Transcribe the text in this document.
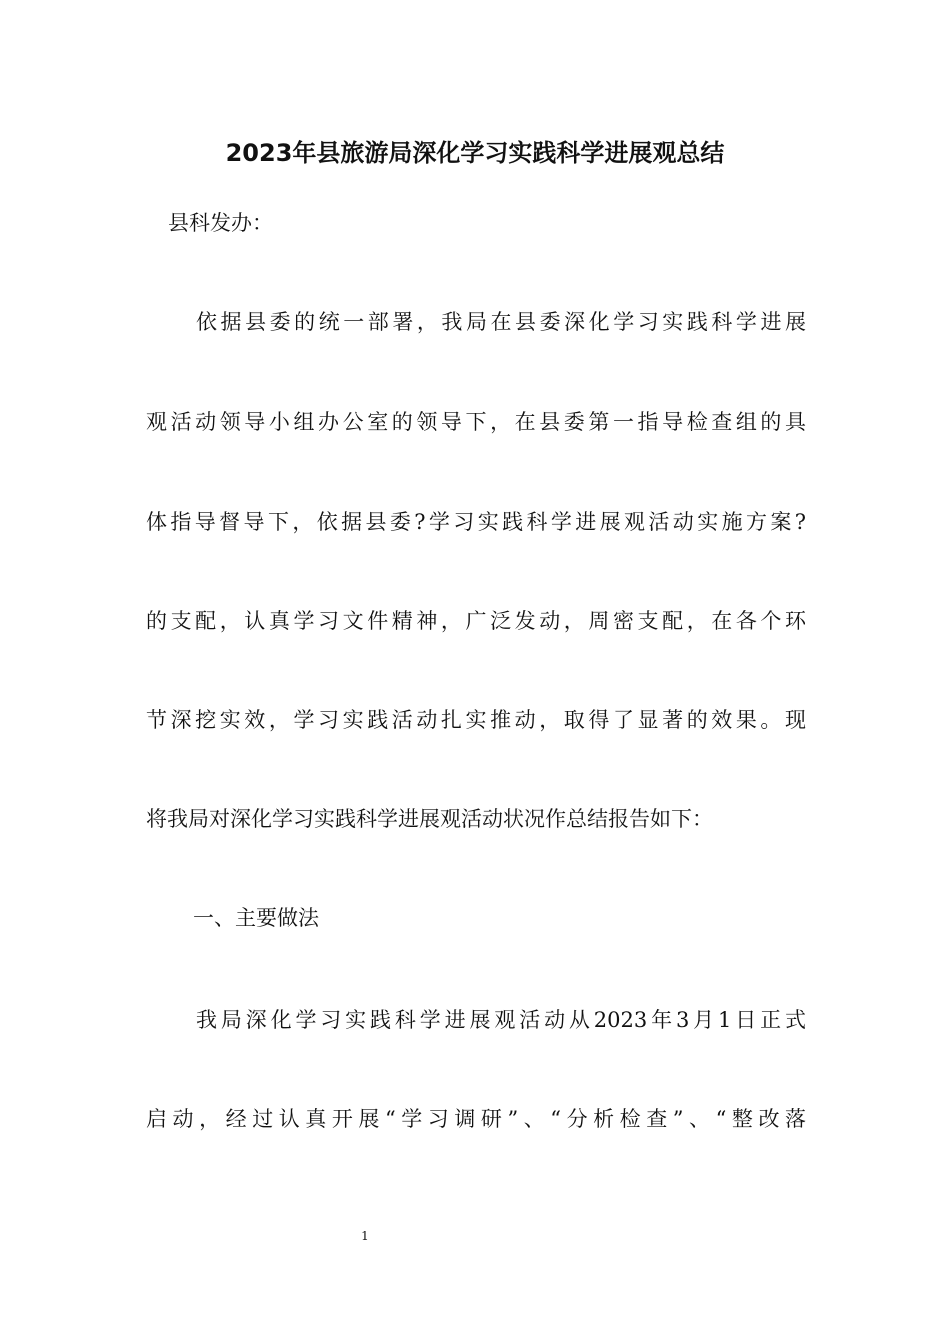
2023年县旅游局深化学习实践科学进展观总结

县科发办：

依据县委的统一部署，我局在县委深化学习实践科学进展

观活动领导小组办公室的领导下，在县委第一指导检查组的具

体指导督导下，依据县委?学习实践科学进展观活动实施方案?

的支配，认真学习文件精神，广泛发动，周密支配，在各个环

节深挖实效，学习实践活动扎实推动，取得了显著的效果。现

将我局对深化学习实践科学进展观活动状况作总结报告如下：

一、主要做法

我局深化学习实践科学进展观活动从2023年3月1日正式

启动，经过认真开展“学习调研”、“分析检查”、“整改落

1
